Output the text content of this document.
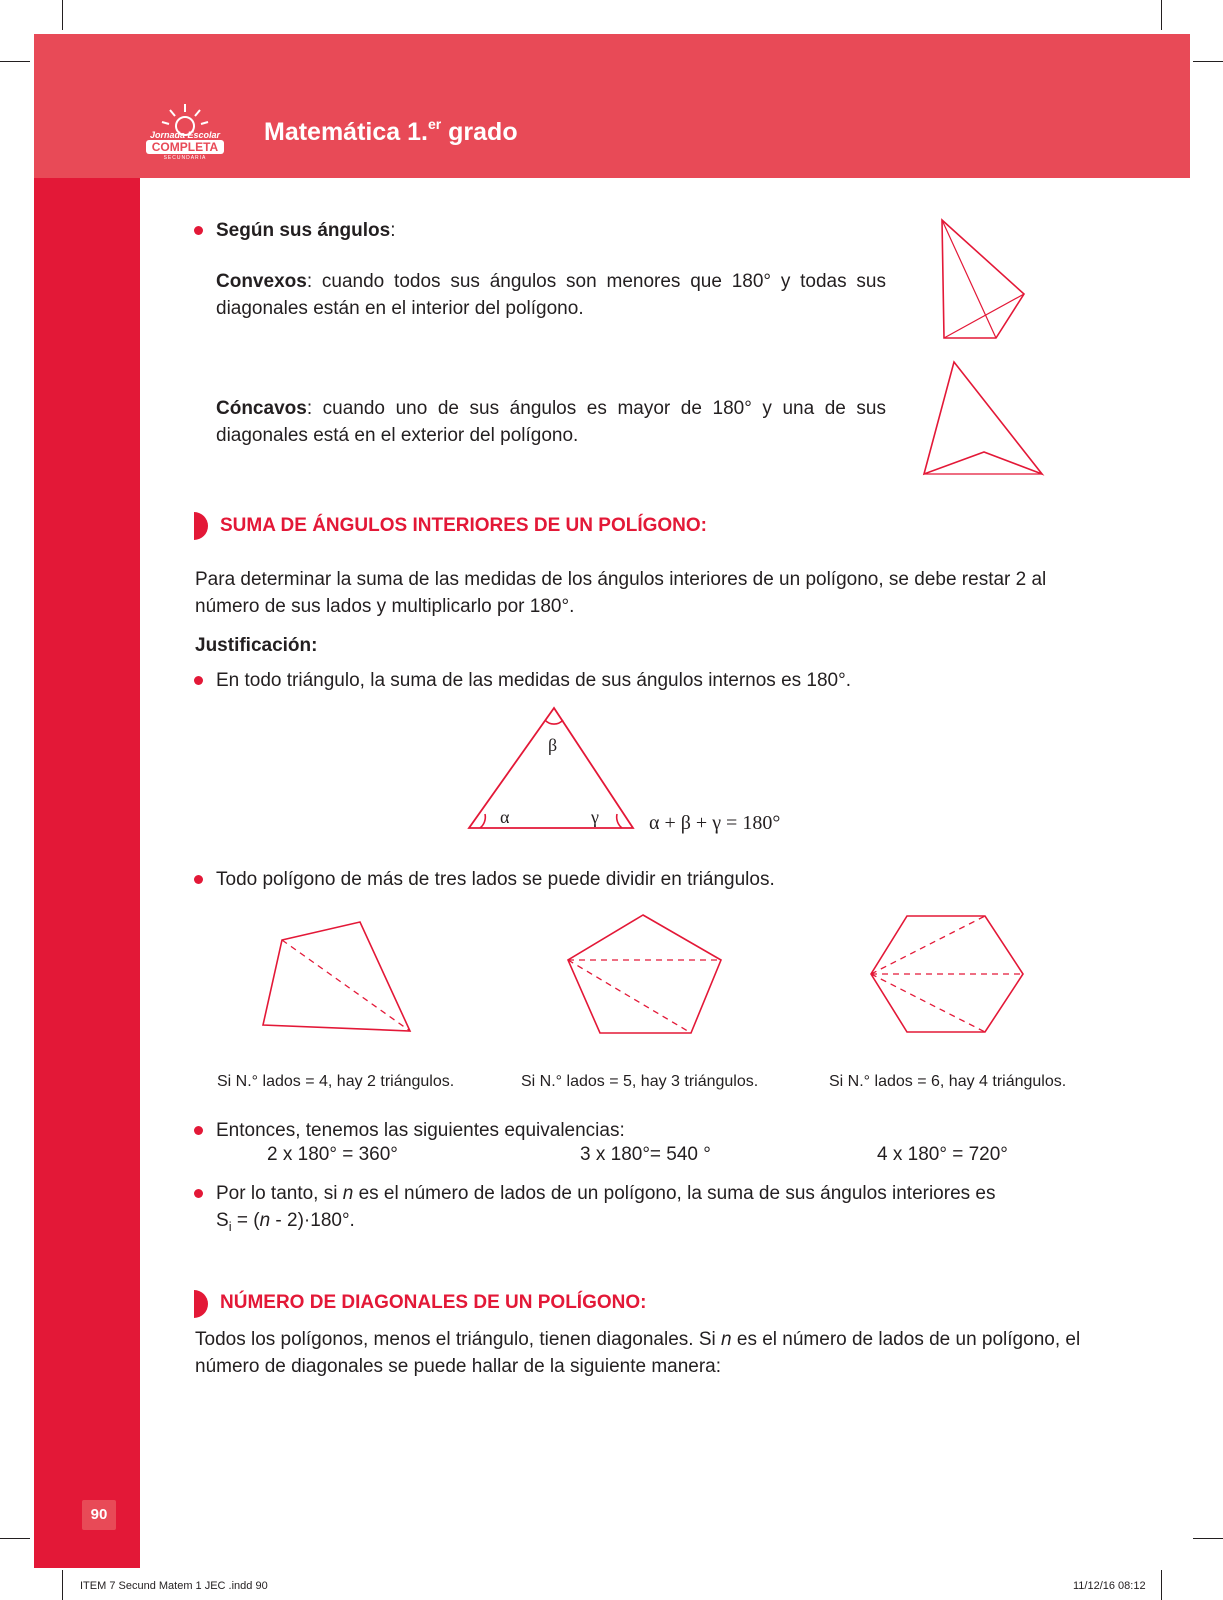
Jornada Escolar
COMPLETA
SECUNDARIA
Matemática 1.$^{er}$ grado
Según sus ángulos:
Convexos: cuando todos sus ángulos son menores que 180° y todas sus diagonales están en el interior del polígono.
Cóncavos: cuando uno de sus ángulos es mayor de 180° y una de sus diagonales está en el exterior del polígono.
SUMA DE ÁNGULOS INTERIORES DE UN POLÍGONO:
Para determinar la suma de las medidas de los ángulos interiores de un polígono, se debe restar 2 al número de sus lados y multiplicarlo por 180°.
Justificación:
En todo triángulo, la suma de las medidas de sus ángulos internos es 180°.
β
α	γ	α + β + γ = 180°
Todo polígono de más de tres lados se puede dividir en triángulos.
Si N.° lados = 4, hay 2 triángulos.	Si N.° lados = 5, hay 3 triángulos.	Si N.° lados = 6, hay 4 triángulos.
Entonces, tenemos las siguientes equivalencias:
2 x 180° = 360°	3 x 180°= 540 °	4 x 180° = 720°
Por lo tanto, si n es el número de lados de un polígono, la suma de sus ángulos interiores es
$S_i = (n - 2)\cdot 180^\circ$.
NÚMERO DE DIAGONALES DE UN POLÍGONO:
Todos los polígonos, menos el triángulo, tienen diagonales. Si n es el número de lados de un polígono, el número de diagonales se puede hallar de la siguiente manera:
90
ITEM 7 Secund Matem 1 JEC .indd 90	11/12/16 08:12
